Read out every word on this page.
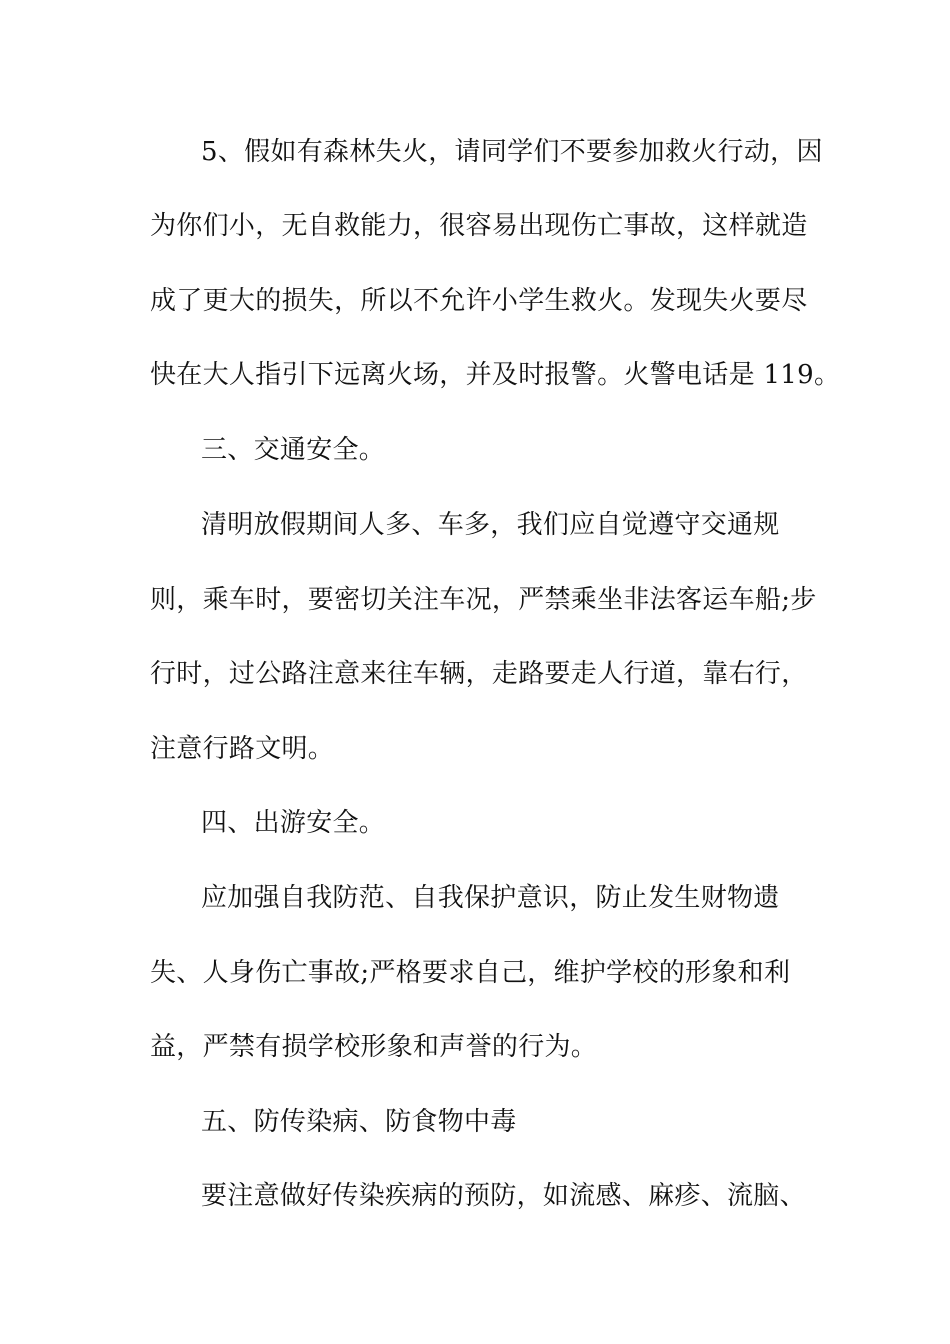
5、假如有森林失火，请同学们不要参加救火行动，因
为你们小，无自救能力，很容易出现伤亡事故，这样就造
成了更大的损失，所以不允许小学生救火。发现失火要尽
快在大人指引下远离火场，并及时报警。火警电话是 119。
三、交通安全。
清明放假期间人多、车多，我们应自觉遵守交通规
则，乘车时，要密切关注车况，严禁乘坐非法客运车船;步
行时，过公路注意来往车辆，走路要走人行道，靠右行，
注意行路文明。
四、出游安全。
应加强自我防范、自我保护意识，防止发生财物遗
失、人身伤亡事故;严格要求自己，维护学校的形象和利
益，严禁有损学校形象和声誉的行为。
五、防传染病、防食物中毒
要注意做好传染疾病的预防，如流感、麻疹、流脑、
